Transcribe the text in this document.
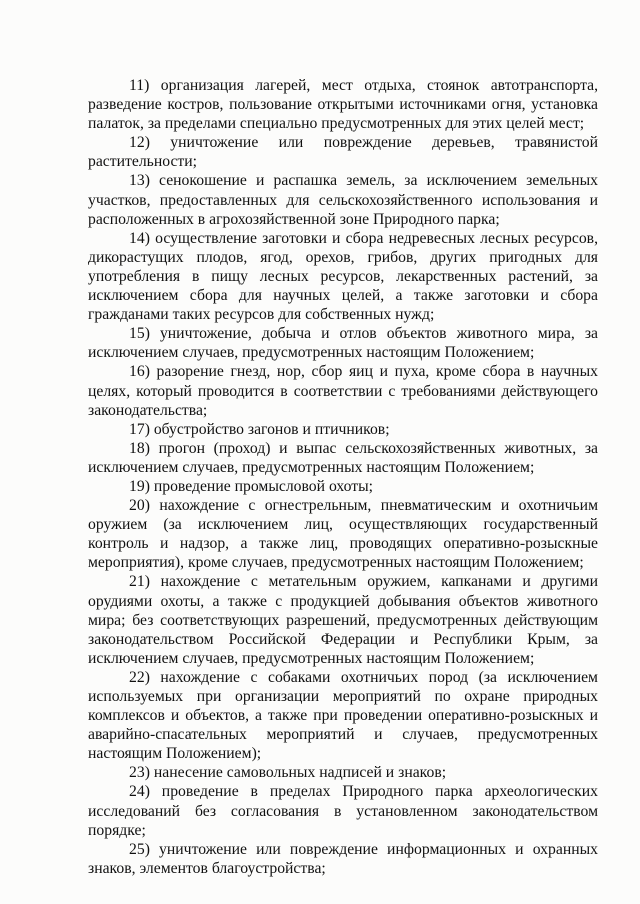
11) организация лагерей, мест отдыха, стоянок автотранспорта, разведение костров, пользование открытыми источниками огня, установка палаток, за пределами специально предусмотренных для этих целей мест;

12) уничтожение или повреждение деревьев, травянистой растительности;

13) сенокошение и распашка земель, за исключением земельных участков, предоставленных для сельскохозяйственного использования и расположенных в агрохозяйственной зоне Природного парка;

14) осуществление заготовки и сбора недревесных лесных ресурсов, дикорастущих плодов, ягод, орехов, грибов, других пригодных для употребления в пищу лесных ресурсов, лекарственных растений, за исключением сбора для научных целей, а также заготовки и сбора гражданами таких ресурсов для собственных нужд;

15) уничтожение, добыча и отлов объектов животного мира, за исключением случаев, предусмотренных настоящим Положением;

16) разорение гнезд, нор, сбор яиц и пуха, кроме сбора в научных целях, который проводится в соответствии с требованиями действующего законодательства;

17) обустройство загонов и птичников;

18) прогон (проход) и выпас сельскохозяйственных животных, за исключением случаев, предусмотренных настоящим Положением;

19) проведение промысловой охоты;

20) нахождение с огнестрельным, пневматическим и охотничьим оружием (за исключением лиц, осуществляющих государственный контроль и надзор, а также лиц, проводящих оперативно-розыскные мероприятия), кроме случаев, предусмотренных настоящим Положением;

21) нахождение с метательным оружием, капканами и другими орудиями охоты, а также с продукцией добывания объектов животного мира; без соответствующих разрешений, предусмотренных действующим законодательством Российской Федерации и Республики Крым, за исключением случаев, предусмотренных настоящим Положением;

22) нахождение с собаками охотничьих пород (за исключением используемых при организации мероприятий по охране природных комплексов и объектов, а также при проведении оперативно-розыскных и аварийно-спасательных мероприятий и случаев, предусмотренных настоящим Положением);

23) нанесение самовольных надписей и знаков;

24) проведение в пределах Природного парка археологических исследований без согласования в установленном законодательством порядке;

25) уничтожение или повреждение информационных и охранных знаков, элементов благоустройства;
